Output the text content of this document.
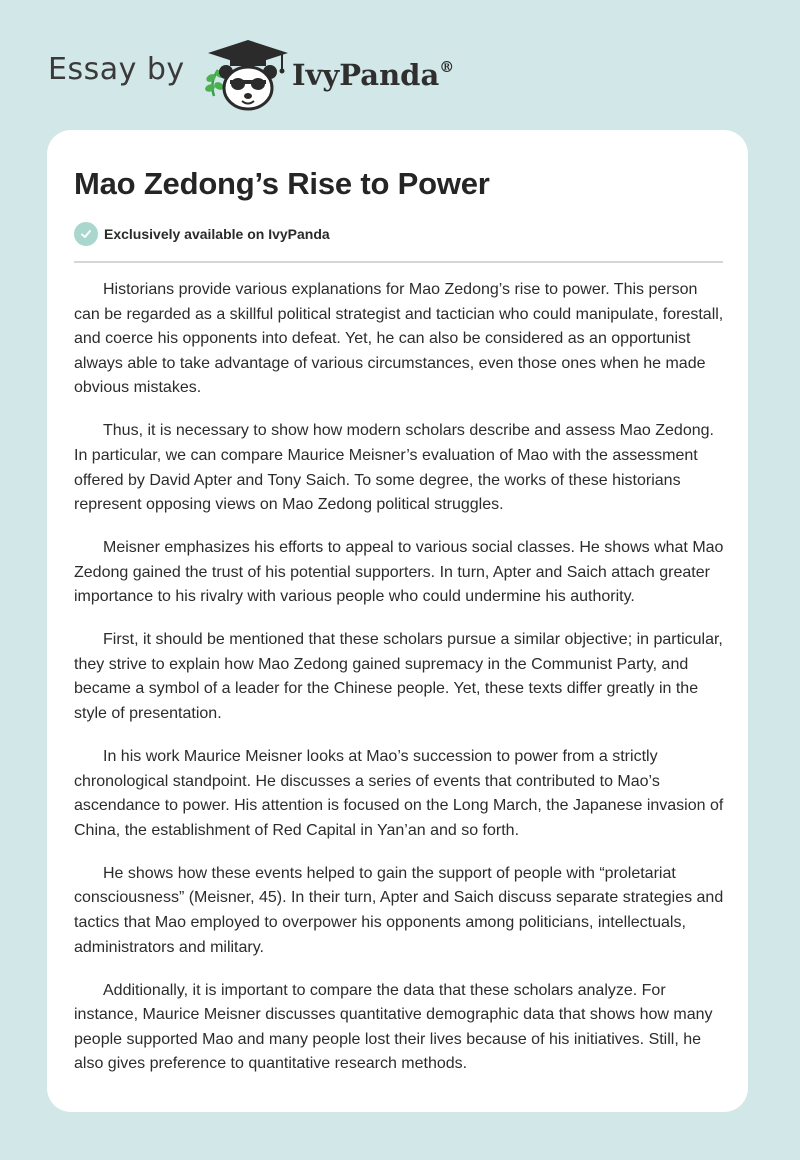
Essay by	IvyPanda®
Mao Zedong’s Rise to Power
Exclusively available on IvyPanda

Historians provide various explanations for Mao Zedong’s rise to power. This person can be regarded as a skillful political strategist and tactician who could manipulate, forestall, and coerce his opponents into defeat. Yet, he can also be considered as an opportunist always able to take advantage of various circumstances, even those ones when he made obvious mistakes.

Thus, it is necessary to show how modern scholars describe and assess Mao Zedong. In particular, we can compare Maurice Meisner’s evaluation of Mao with the assessment offered by David Apter and Tony Saich. To some degree, the works of these historians represent opposing views on Mao Zedong political struggles.

Meisner emphasizes his efforts to appeal to various social classes. He shows what Mao Zedong gained the trust of his potential supporters. In turn, Apter and Saich attach greater importance to his rivalry with various people who could undermine his authority.

First, it should be mentioned that these scholars pursue a similar objective; in particular, they strive to explain how Mao Zedong gained supremacy in the Communist Party, and became a symbol of a leader for the Chinese people. Yet, these texts differ greatly in the style of presentation.

In his work Maurice Meisner looks at Mao’s succession to power from a strictly chronological standpoint. He discusses a series of events that contributed to Mao’s ascendance to power. His attention is focused on the Long March, the Japanese invasion of China, the establishment of Red Capital in Yan’an and so forth.

He shows how these events helped to gain the support of people with “proletariat consciousness” (Meisner, 45). In their turn, Apter and Saich discuss separate strategies and tactics that Mao employed to overpower his opponents among politicians, intellectuals, administrators and military.

Additionally, it is important to compare the data that these scholars analyze. For instance, Maurice Meisner discusses quantitative demographic data that shows how many people supported Mao and many people lost their lives because of his initiatives. Still, he also gives preference to quantitative research methods.
